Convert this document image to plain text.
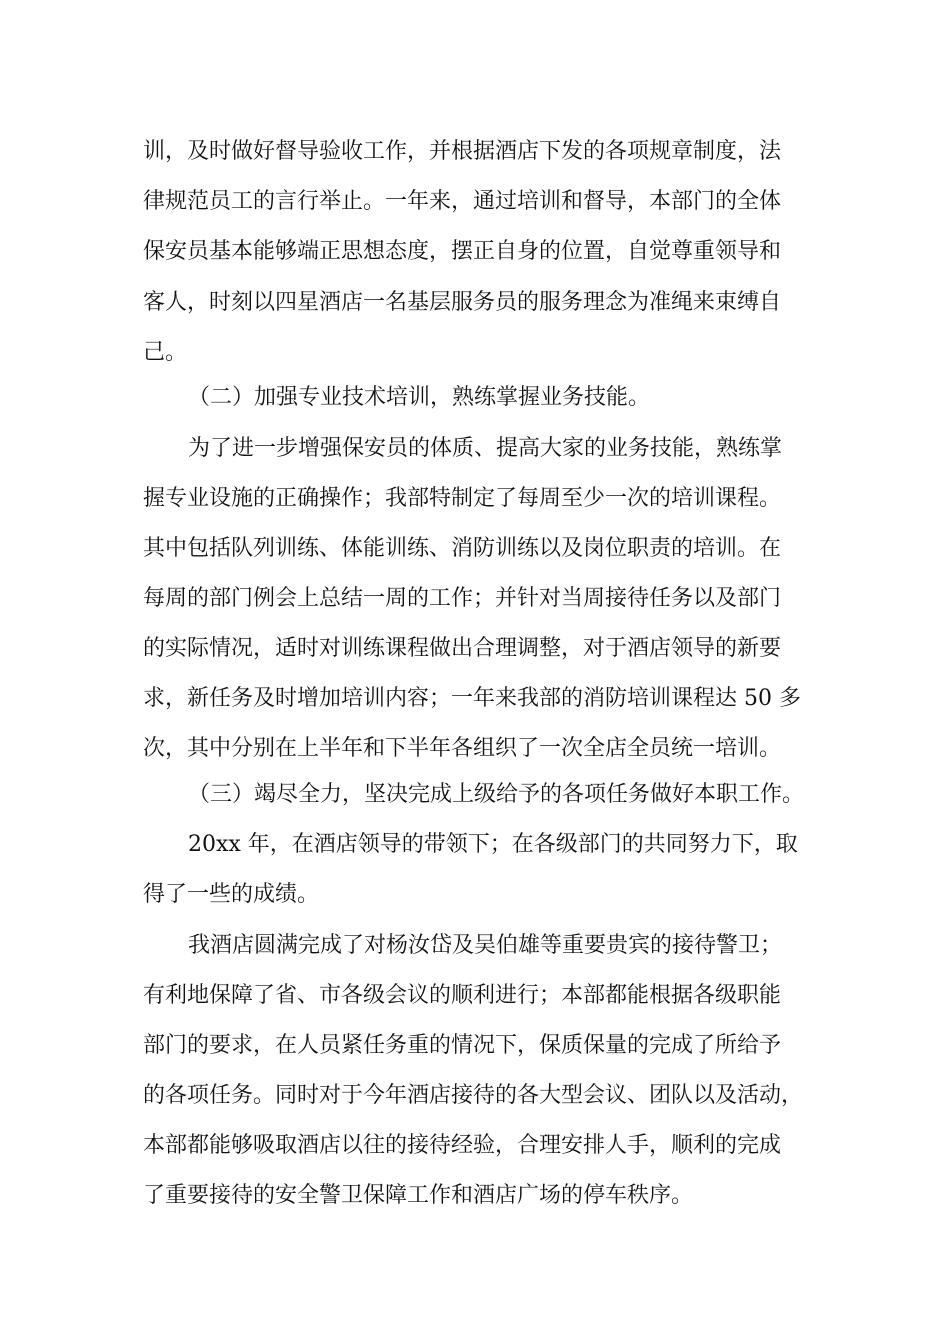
训，及时做好督导验收工作，并根据酒店下发的各项规章制度，法

律规范员工的言行举止。一年来，通过培训和督导，本部门的全体

保安员基本能够端正思想态度，摆正自身的位置，自觉尊重领导和

客人，时刻以四星酒店一名基层服务员的服务理念为准绳来束缚自

己。

（二）加强专业技术培训，熟练掌握业务技能。

为了进一步增强保安员的体质、提高大家的业务技能，熟练掌

握专业设施的正确操作；我部特制定了每周至少一次的培训课程。

其中包括队列训练、体能训练、消防训练以及岗位职责的培训。在

每周的部门例会上总结一周的工作；并针对当周接待任务以及部门

的实际情况，适时对训练课程做出合理调整，对于酒店领导的新要

求，新任务及时增加培训内容；一年来我部的消防培训课程达 50 多

次，其中分别在上半年和下半年各组织了一次全店全员统一培训。

（三）竭尽全力，坚决完成上级给予的各项任务做好本职工作。

20xx 年，在酒店领导的带领下；在各级部门的共同努力下，取

得了一些的成绩。

我酒店圆满完成了对杨汝岱及吴伯雄等重要贵宾的接待警卫；

有利地保障了省、市各级会议的顺利进行；本部都能根据各级职能

部门的要求，在人员紧任务重的情况下，保质保量的完成了所给予

的各项任务。同时对于今年酒店接待的各大型会议、团队以及活动，

本部都能够吸取酒店以往的接待经验，合理安排人手，顺利的完成

了重要接待的安全警卫保障工作和酒店广场的停车秩序。
